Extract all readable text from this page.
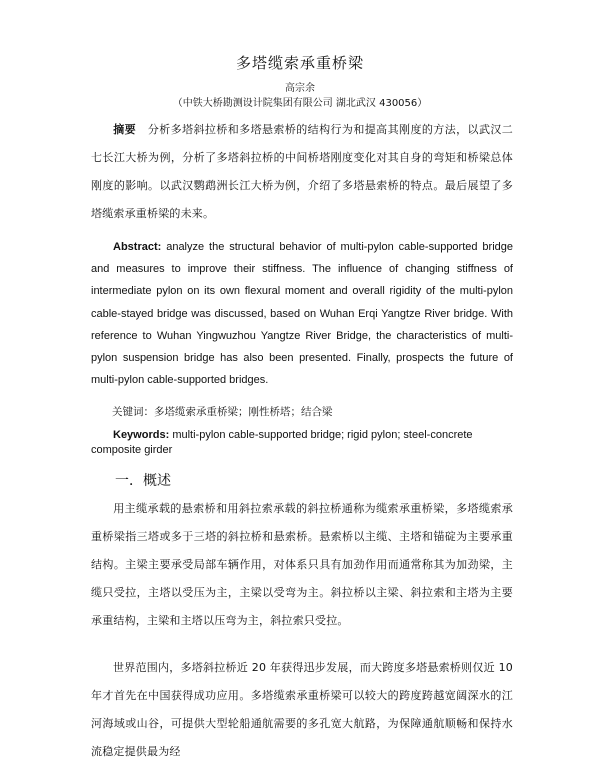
多塔缆索承重桥梁
高宗余
（中铁大桥勘测设计院集团有限公司 湖北武汉 430056）
摘要 分析多塔斜拉桥和多塔悬索桥的结构行为和提高其刚度的方法，以武汉二七长江大桥为例，分析了多塔斜拉桥的中间桥塔刚度变化对其自身的弯矩和桥梁总体刚度的影响。以武汉鹦鹉洲长江大桥为例，介绍了多塔悬索桥的特点。最后展望了多塔缆索承重桥梁的未来。
Abstract: analyze the structural behavior of multi-pylon cable-supported bridge and measures to improve their stiffness. The influence of changing stiffness of intermediate pylon on its own flexural moment and overall rigidity of the multi-pylon cable-stayed bridge was discussed, based on Wuhan Erqi Yangtze River bridge. With reference to Wuhan Yingwuzhou Yangtze River Bridge, the characteristics of multi-pylon suspension bridge has also been presented. Finally, prospects the future of multi-pylon cable-supported bridges.
关键词：多塔缆索承重桥梁；刚性桥塔；结合梁
Keywords: multi-pylon cable-supported bridge; rigid pylon; steel-concrete composite girder
一．概述
用主缆承载的悬索桥和用斜拉索承载的斜拉桥通称为缆索承重桥梁，多塔缆索承重桥梁指三塔或多于三塔的斜拉桥和悬索桥。悬索桥以主缆、主塔和锚碇为主要承重结构。主梁主要承受局部车辆作用，对体系只具有加劲作用而通常称其为加劲梁，主缆只受拉，主塔以受压为主，主梁以受弯为主。斜拉桥以主梁、斜拉索和主塔为主要承重结构，主梁和主塔以压弯为主，斜拉索只受拉。
世界范围内，多塔斜拉桥近 20 年获得迅步发展，而大跨度多塔悬索桥则仅近 10 年才首先在中国获得成功应用。多塔缆索承重桥梁可以较大的跨度跨越宽阔深水的江河海域或山谷，可提供大型轮船通航需要的多孔宽大航路，为保障通航顺畅和保持水流稳定提供最为经
